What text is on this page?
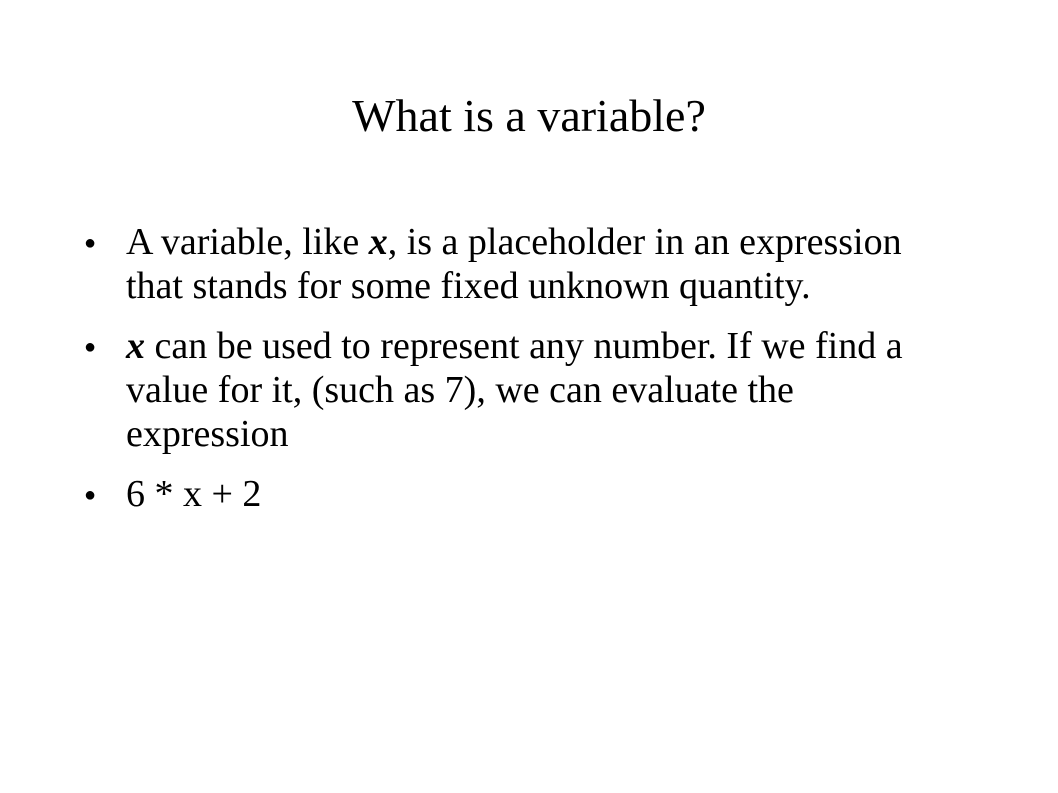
What is a variable?
● A variable, like x, is a placeholder in an expression that stands for some fixed unknown quantity.
● x can be used to represent any number. If we find a value for it, (such as 7), we can evaluate the expression
● 6 * x + 2
